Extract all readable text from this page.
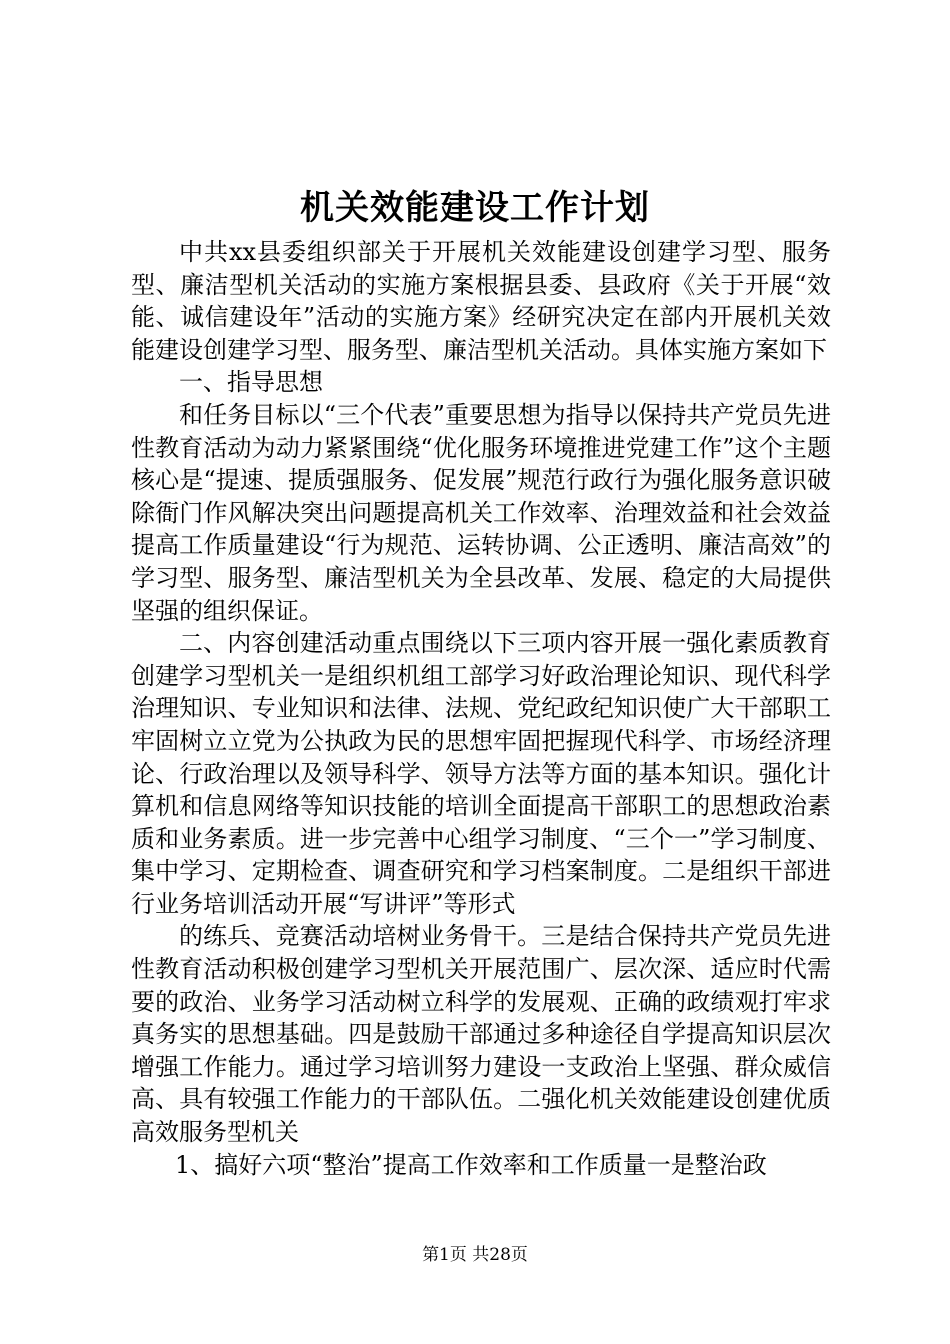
机关效能建设工作计划

中共xx县委组织部关于开展机关效能建设创建学习型、服务型、廉洁型机关活动的实施方案根据县委、县政府《关于开展“效能、诚信建设年”活动的实施方案》经研究决定在部内开展机关效能建设创建学习型、服务型、廉洁型机关活动。具体实施方案如下

一、指导思想

和任务目标以“三个代表”重要思想为指导以保持共产党员先进性教育活动为动力紧紧围绕“优化服务环境推进党建工作”这个主题核心是“提速、提质强服务、促发展”规范行政行为强化服务意识破除衙门作风解决突出问题提高机关工作效率、治理效益和社会效益提高工作质量建设“行为规范、运转协调、公正透明、廉洁高效”的学习型、服务型、廉洁型机关为全县改革、发展、稳定的大局提供坚强的组织保证。

二、内容创建活动重点围绕以下三项内容开展一强化素质教育创建学习型机关一是组织机组工部学习好政治理论知识、现代科学治理知识、专业知识和法律、法规、党纪政纪知识使广大干部职工牢固树立立党为公执政为民的思想牢固把握现代科学、市场经济理论、行政治理以及领导科学、领导方法等方面的基本知识。强化计算机和信息网络等知识技能的培训全面提高干部职工的思想政治素质和业务素质。进一步完善中心组学习制度、“三个一”学习制度、集中学习、定期检查、调查研究和学习档案制度。二是组织干部进行业务培训活动开展“写讲评”等形式

的练兵、竞赛活动培树业务骨干。三是结合保持共产党员先进性教育活动积极创建学习型机关开展范围广、层次深、适应时代需要的政治、业务学习活动树立科学的发展观、正确的政绩观打牢求真务实的思想基础。四是鼓励干部通过多种途径自学提高知识层次增强工作能力。通过学习培训努力建设一支政治上坚强、群众威信高、具有较强工作能力的干部队伍。二强化机关效能建设创建优质高效服务型机关

1、搞好六项“整治”提高工作效率和工作质量一是整治政

第1页 共28页
